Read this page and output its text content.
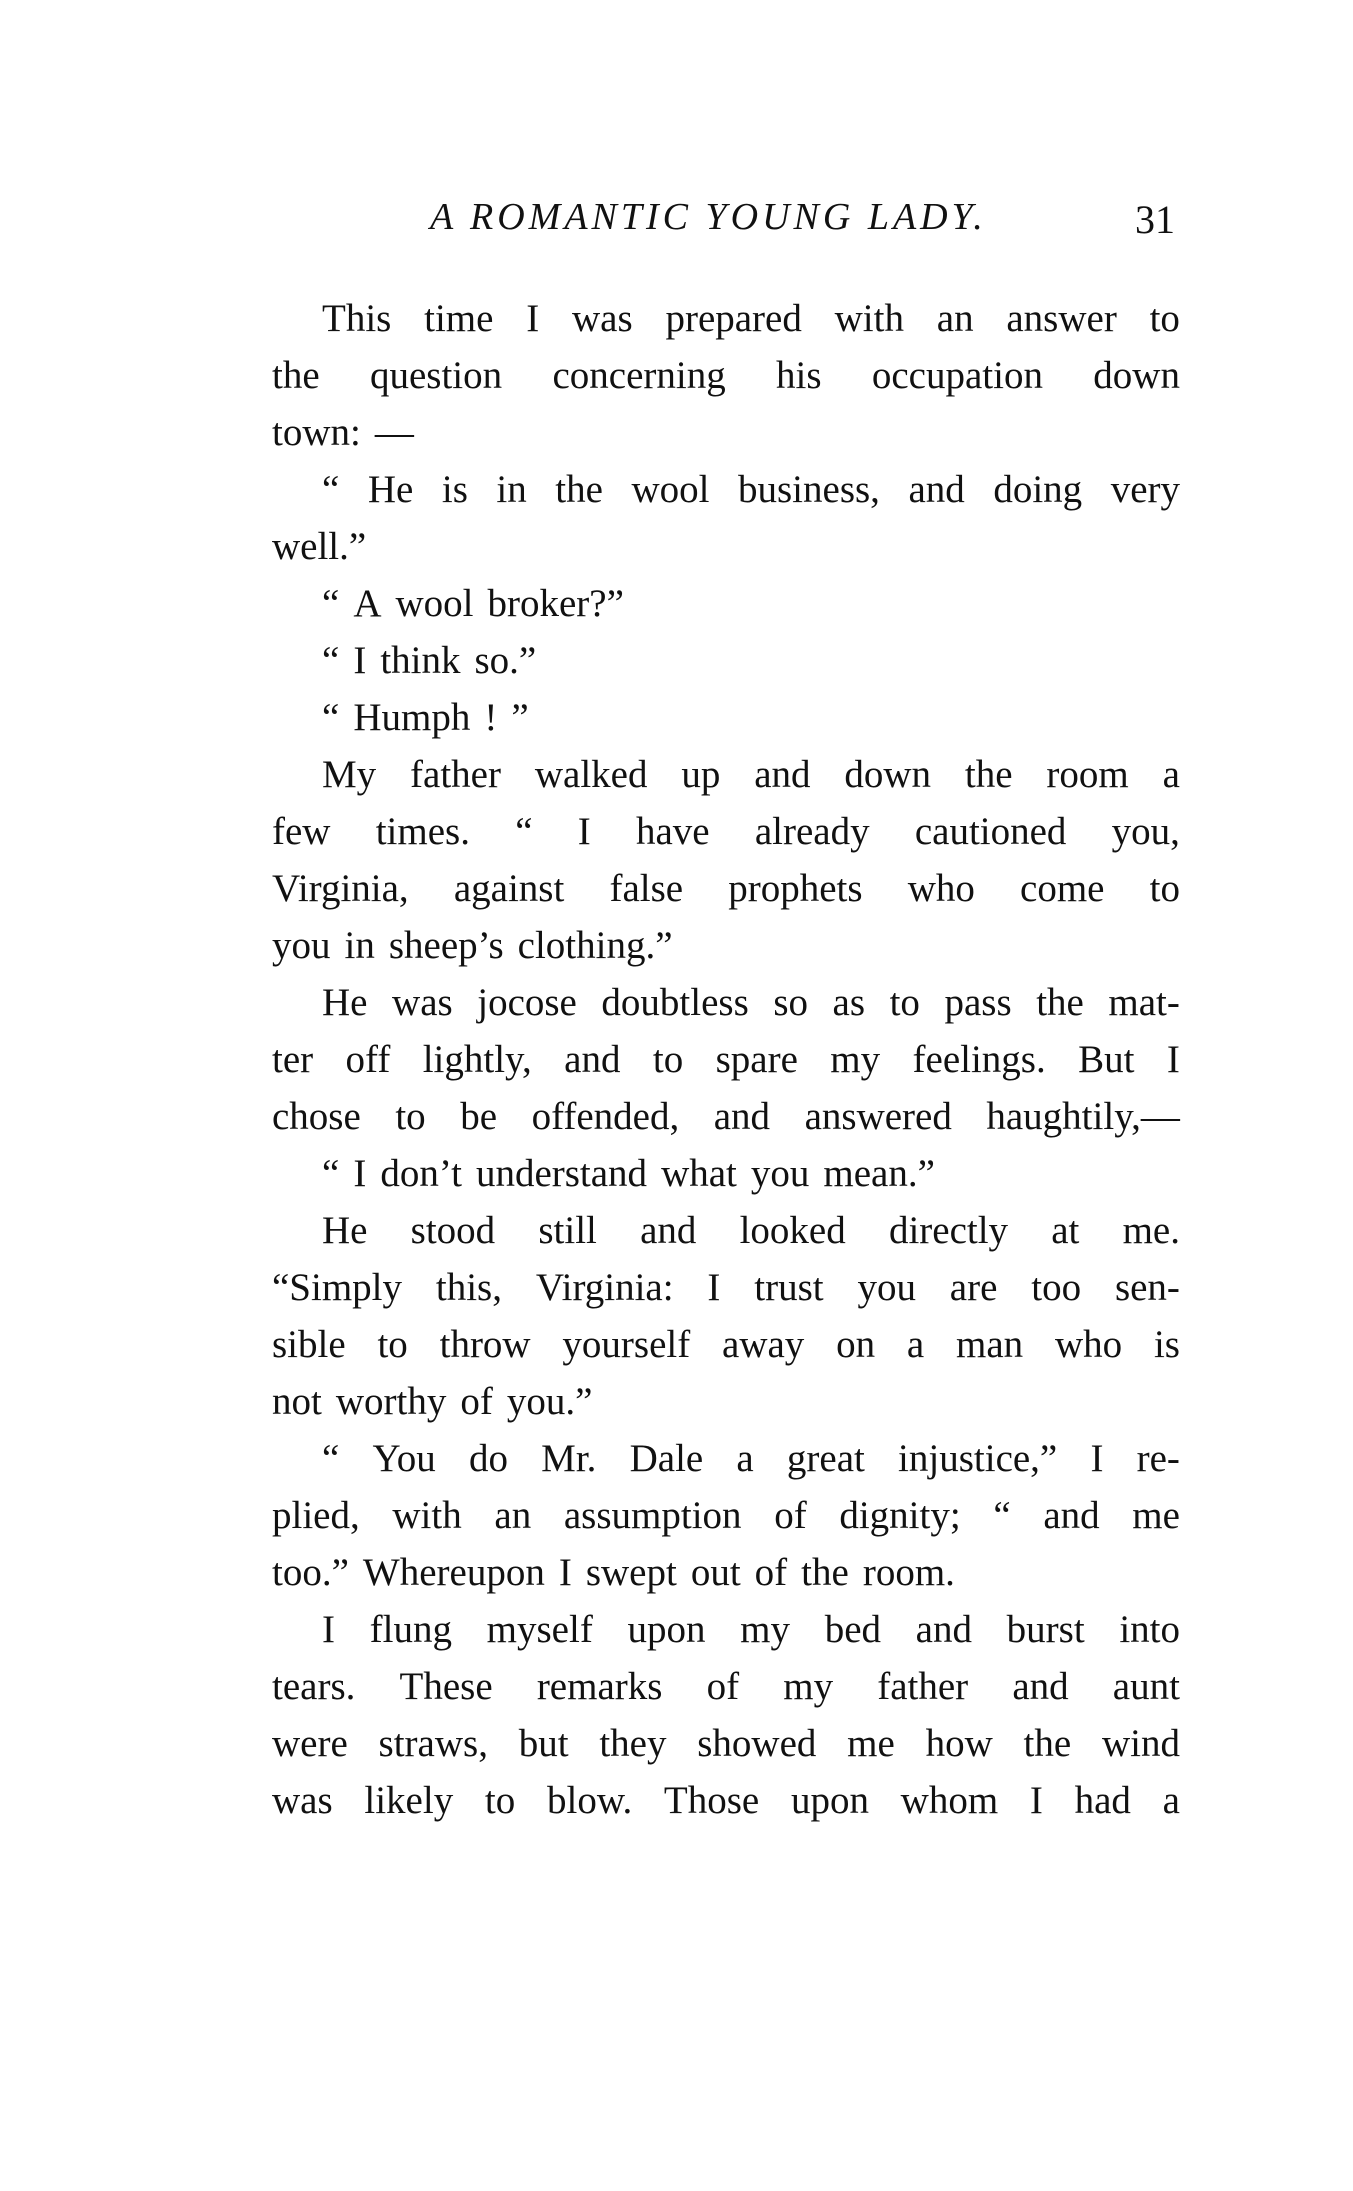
A ROMANTIC YOUNG LADY.	31
This time I was prepared with an answer to
the question concerning his occupation down
town: —
“ He is in the wool business, and doing very
well.”
“ A wool broker?”
“ I think so.”
“ Humph ! ”
My father walked up and down the room a
few times. “ I have already cautioned you,
Virginia, against false prophets who come to
you in sheep’s clothing.”
He was jocose doubtless so as to pass the mat-
ter off lightly, and to spare my feelings. But I
chose to be offended, and answered haughtily,—
“ I don’t understand what you mean.”
He stood still and looked directly at me.
“Simply this, Virginia: I trust you are too sen-
sible to throw yourself away on a man who is
not worthy of you.”
“ You do Mr. Dale a great injustice,” I re-
plied, with an assumption of dignity; “ and me
too.” Whereupon I swept out of the room.
I flung myself upon my bed and burst into
tears. These remarks of my father and aunt
were straws, but they showed me how the wind
was likely to blow. Those upon whom I had a
